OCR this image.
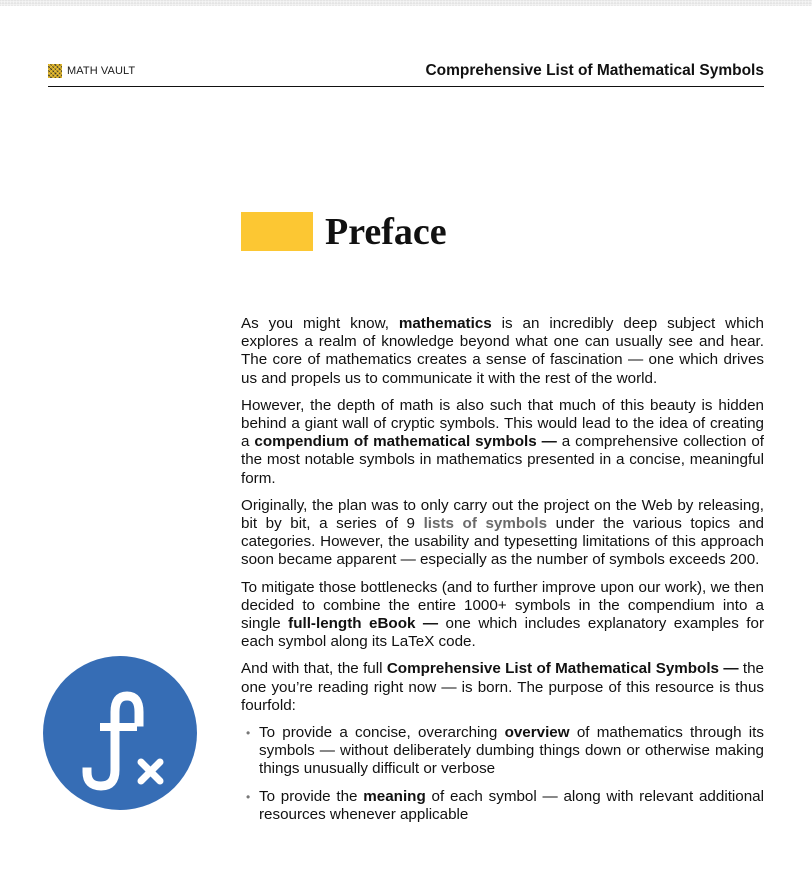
MATH VAULT	Comprehensive List of Mathematical Symbols
Preface

As you might know, mathematics is an incredibly deep subject which explores a realm of knowledge beyond what one can usually see and hear. The core of mathematics creates a sense of fascination — one which drives us and propels us to communicate it with the rest of the world.

However, the depth of math is also such that much of this beauty is hidden behind a giant wall of cryptic symbols. This would lead to the idea of creating a compendium of mathematical symbols — a comprehensive collection of the most notable symbols in mathematics presented in a concise, meaningful form.

Originally, the plan was to only carry out the project on the Web by releasing, bit by bit, a series of 9 lists of symbols under the various topics and categories. However, the usability and typesetting limitations of this approach soon became apparent — especially as the number of symbols exceeds 200.

To mitigate those bottlenecks (and to further improve upon our work), we then decided to combine the entire 1000+ symbols in the compendium into a single full-length eBook — one which includes explanatory examples for each symbol along its LaTeX code.

And with that, the full Comprehensive List of Mathematical Symbols — the one you’re reading right now — is born. The purpose of this resource is thus fourfold:

• To provide a concise, overarching overview of mathematics through its symbols — without deliberately dumbing things down or otherwise making things unusually difficult or verbose
• To provide the meaning of each symbol — along with relevant additional resources whenever applicable
